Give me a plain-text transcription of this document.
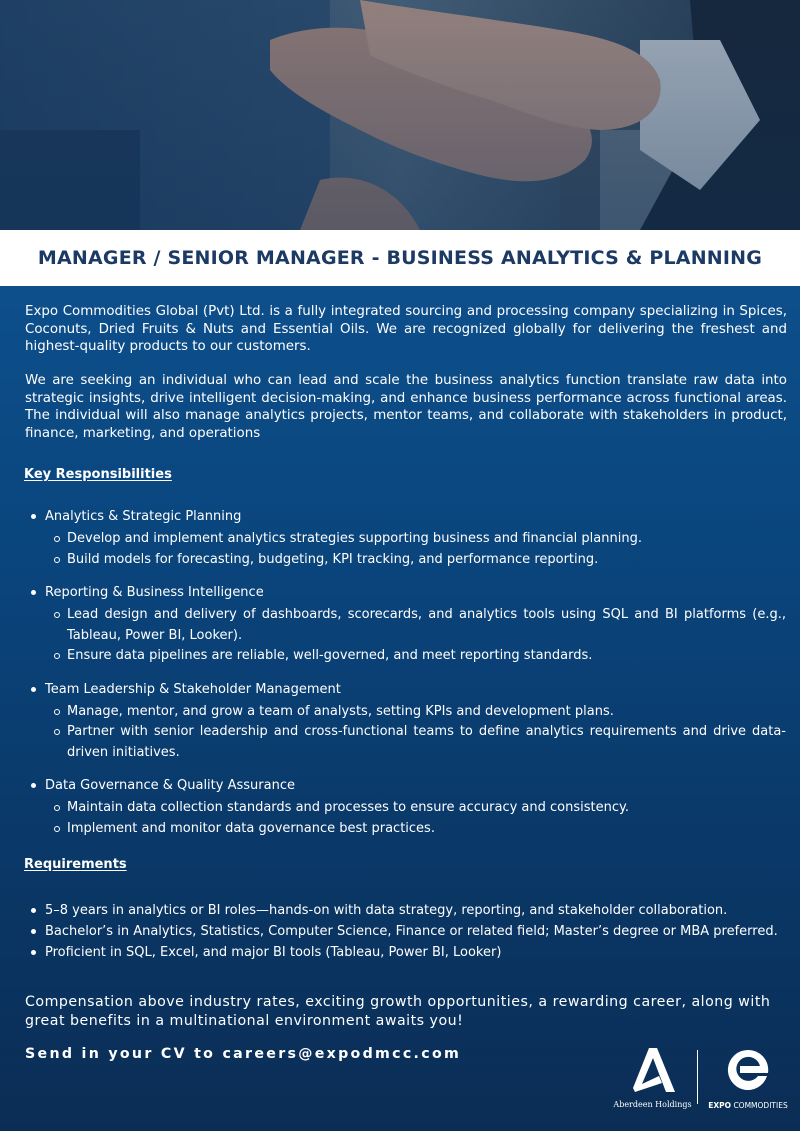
MANAGER / SENIOR MANAGER - BUSINESS ANALYTICS & PLANNING

Expo Commodities Global (Pvt) Ltd. is a fully integrated sourcing and processing company specializing in Spices, Coconuts, Dried Fruits & Nuts and Essential Oils. We are recognized globally for delivering the freshest and highest-quality products to our customers.

We are seeking an individual who can lead and scale the business analytics function translate raw data into strategic insights, drive intelligent decision-making, and enhance business performance across functional areas. The individual will also manage analytics projects, mentor teams, and collaborate with stakeholders in product, finance, marketing, and operations

Key Responsibilities
Analytics & Strategic Planning
Develop and implement analytics strategies supporting business and financial planning.
Build models for forecasting, budgeting, KPI tracking, and performance reporting.
Reporting & Business Intelligence
Lead design and delivery of dashboards, scorecards, and analytics tools using SQL and BI platforms (e.g., Tableau, Power BI, Looker).
Ensure data pipelines are reliable, well-governed, and meet reporting standards.
Team Leadership & Stakeholder Management
Manage, mentor, and grow a team of analysts, setting KPIs and development plans.
Partner with senior leadership and cross-functional teams to define analytics requirements and drive data-driven initiatives.
Data Governance & Quality Assurance
Maintain data collection standards and processes to ensure accuracy and consistency.
Implement and monitor data governance best practices.
Requirements
5–8 years in analytics or BI roles—hands-on with data strategy, reporting, and stakeholder collaboration.
Bachelor’s in Analytics, Statistics, Computer Science, Finance or related field; Master’s degree or MBA preferred.
Proficient in SQL, Excel, and major BI tools (Tableau, Power BI, Looker)
Compensation above industry rates, exciting growth opportunities, a rewarding career, along with great benefits in a multinational environment awaits you!
Send in your CV to careers@expodmcc.com
Aberdeen Holdings	EXPO COMMODITIES
